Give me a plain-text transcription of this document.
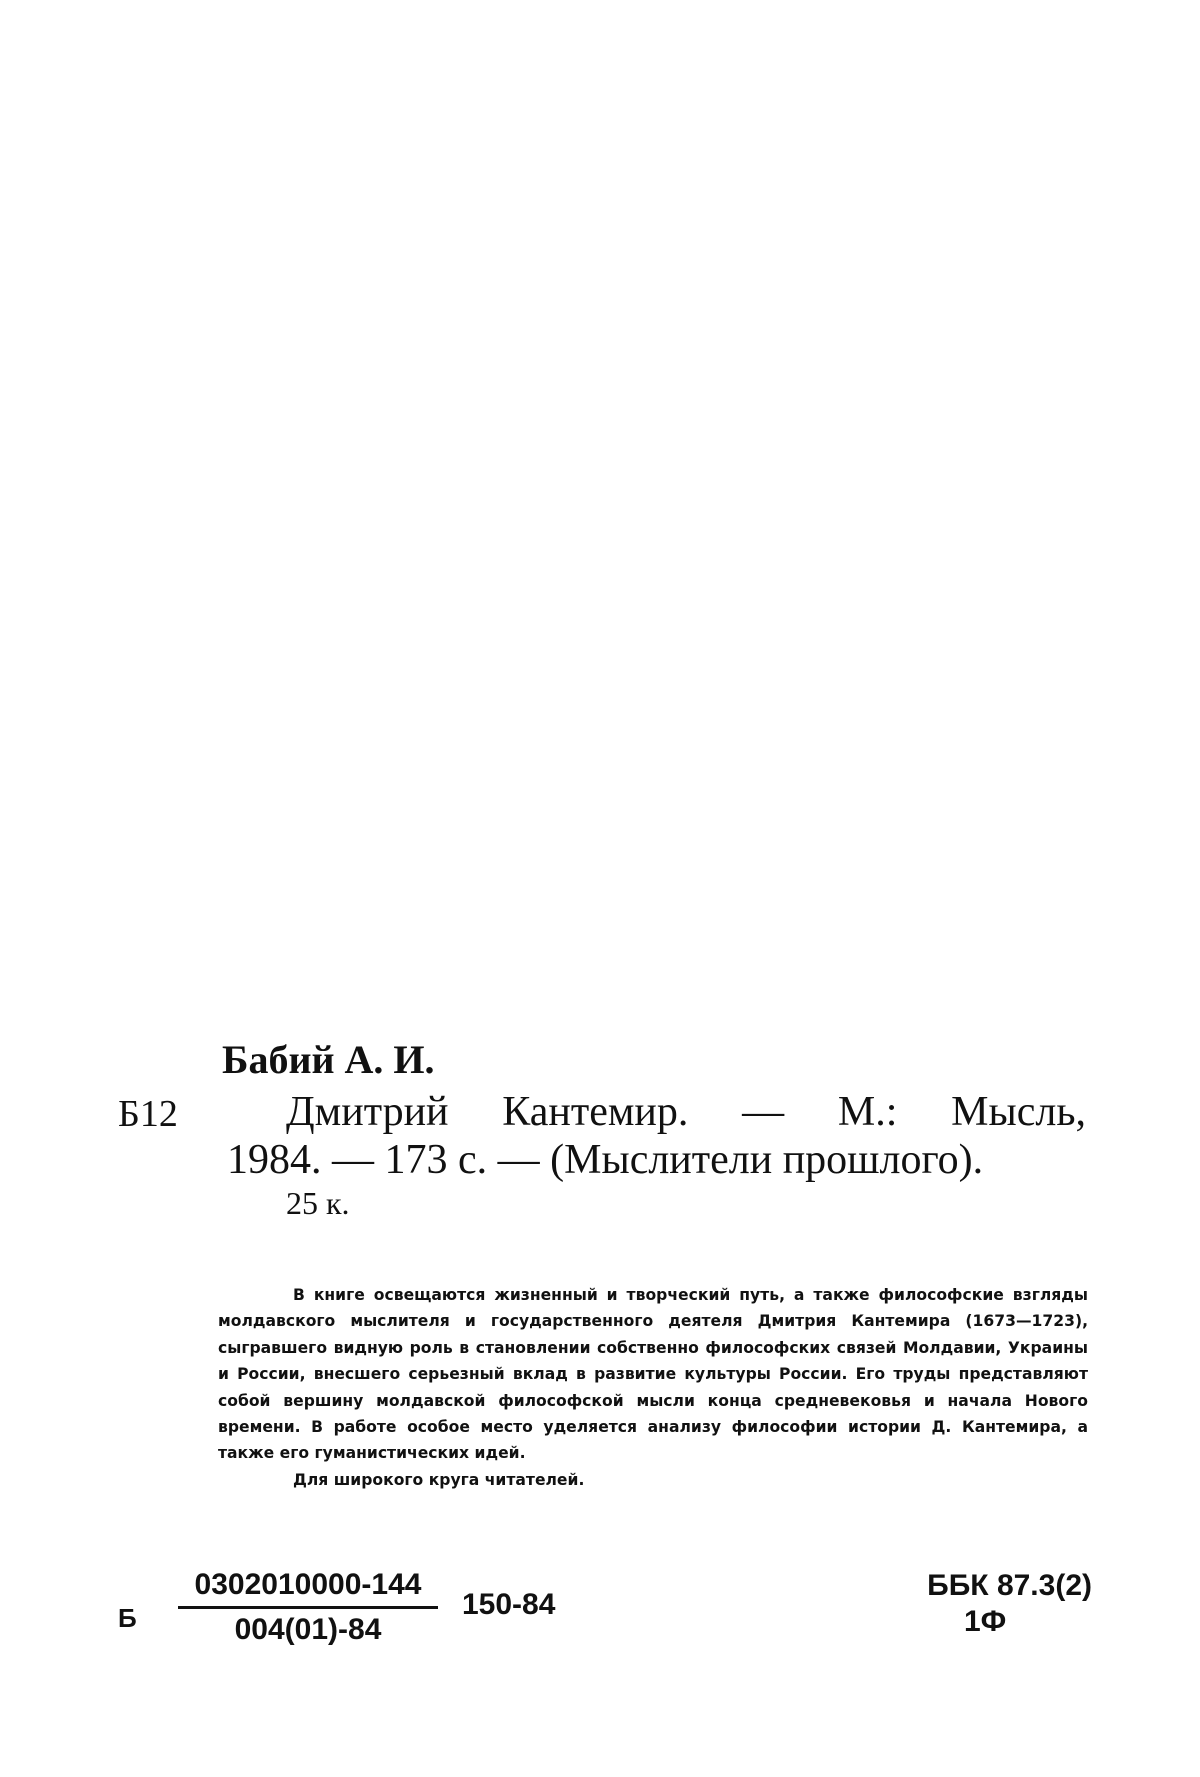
Бабий А. И.
Б12	Дмитрий Кантемир. — М.: Мысль,
1984. — 173 с. — (Мыслители прошлого).
25 к.

В книге освещаются жизненный и творческий путь, а также философские взгляды молдавского мыслителя и государственного деятеля Дмитрия Кантемира (1673—1723), сыгравшего видную роль в становлении собственно философских связей Молдавии, Украины и России, внесшего серьезный вклад в развитие культуры России. Его труды представляют собой вершину молдавской философской мысли конца средневековья и начала Нового времени. В работе особое место уделяется анализу философии истории Д. Кантемира, а также его гуманистических идей.

Для широкого круга читателей.

Б $\frac{0302010000-144}{004(01)-84} 150-84$
ББК 87.3(2)
1Ф
